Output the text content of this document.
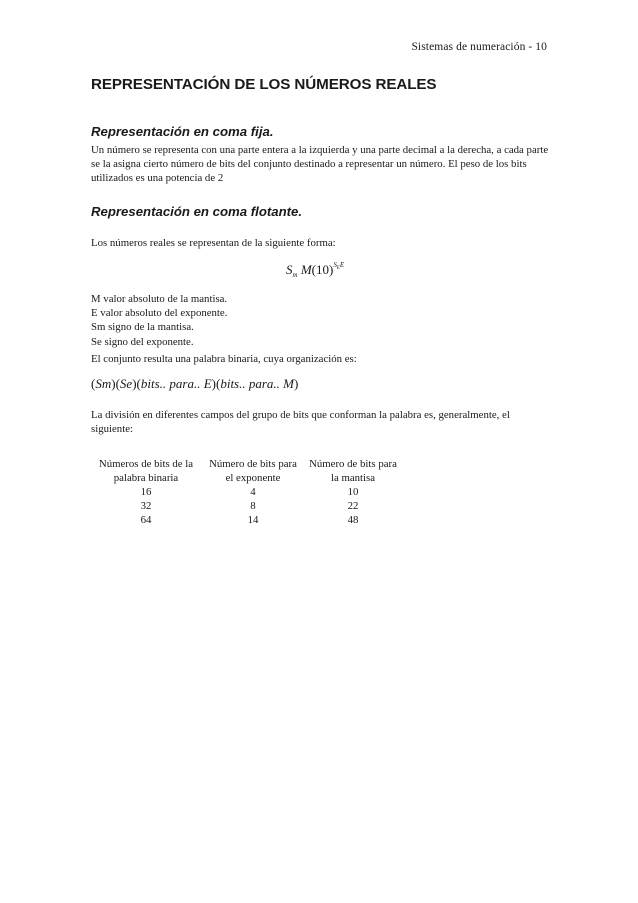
Sistemas de numeración - 10
REPRESENTACIÓN DE LOS NÚMEROS REALES
Representación en coma fija.

Un número se representa con una parte entera a la izquierda y una parte decimal a la derecha, a cada parte
se la asigna cierto número de bits del conjunto destinado a representar un número. El peso de los bits
utilizados es una potencia de 2

Representación en coma flotante.

Los números reales se representan de la siguiente forma:

$S_m$ $M(10)^{S_EE}$

M valor absoluto de la mantisa.
E valor absoluto del exponente.
Sm signo de la mantisa.
Se signo del exponente.

El conjunto resulta una palabra binaria, cuya organización es:

(Sm)(Se)(bits.. para.. E)(bits.. para.. M)

La división en diferentes campos del grupo de bits que conforman la palabra es, generalmente, el
siguiente:

Números de bits de la
palabra binaria
16
32
64
Número de bits para
el exponente
4
8
14
Número de bits para
la mantisa
10
22
48
